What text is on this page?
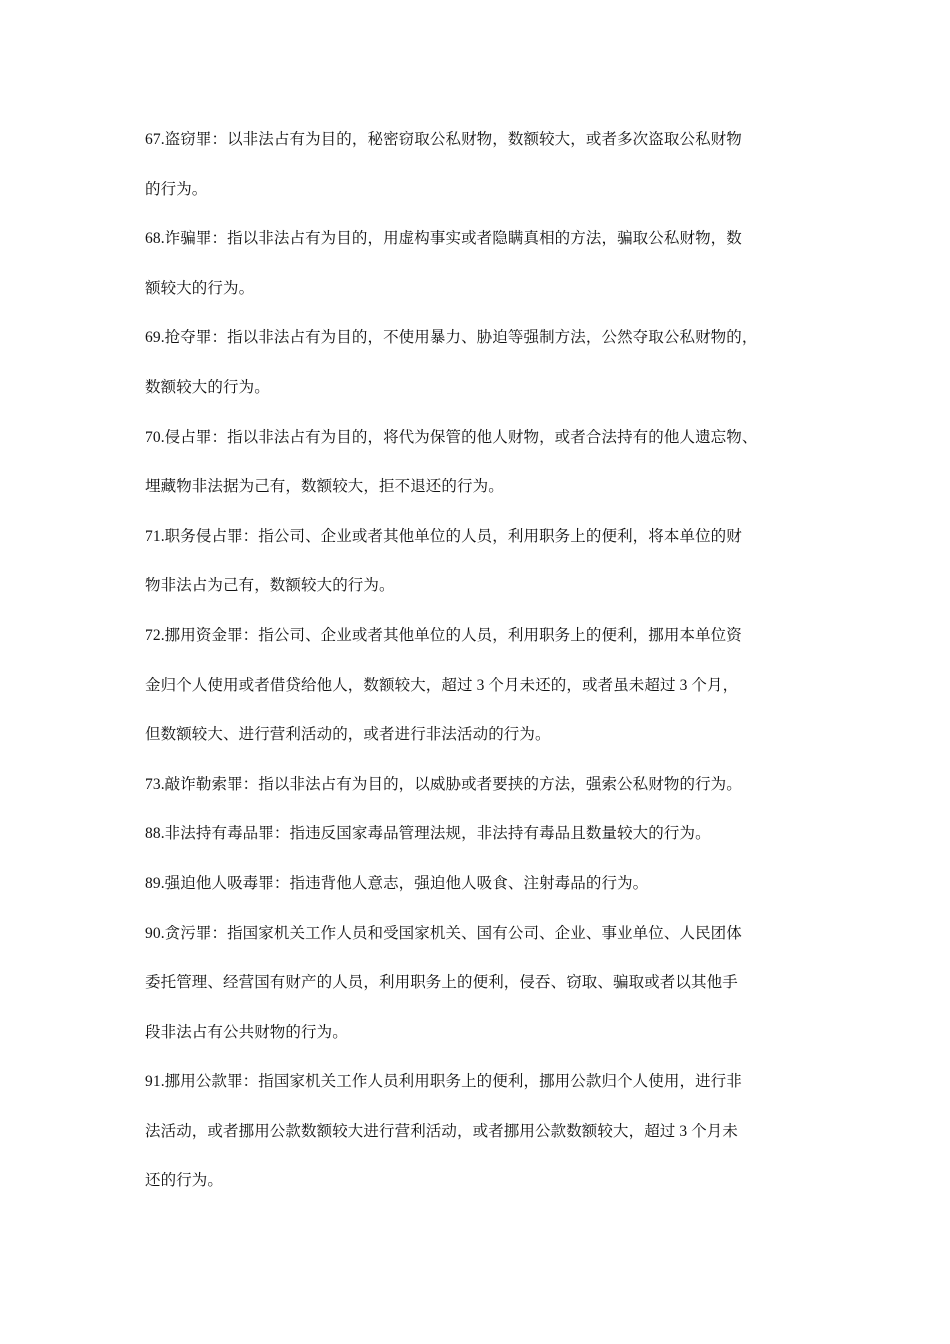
67.盗窃罪：以非法占有为目的，秘密窃取公私财物，数额较大，或者多次盗取公私财物
的行为。
68.诈骗罪：指以非法占有为目的，用虚构事实或者隐瞒真相的方法，骗取公私财物，数
额较大的行为。
69.抢夺罪：指以非法占有为目的，不使用暴力、胁迫等强制方法，公然夺取公私财物的，
数额较大的行为。
70.侵占罪：指以非法占有为目的，将代为保管的他人财物，或者合法持有的他人遗忘物、
埋藏物非法据为己有，数额较大，拒不退还的行为。
71.职务侵占罪：指公司、企业或者其他单位的人员，利用职务上的便利，将本单位的财
物非法占为己有，数额较大的行为。
72.挪用资金罪：指公司、企业或者其他单位的人员，利用职务上的便利，挪用本单位资
金归个人使用或者借贷给他人，数额较大，超过 3 个月未还的，或者虽未超过 3 个月，
但数额较大、进行营利活动的，或者进行非法活动的行为。
73.敲诈勒索罪：指以非法占有为目的，以威胁或者要挟的方法，强索公私财物的行为。
88.非法持有毒品罪：指违反国家毒品管理法规，非法持有毒品且数量较大的行为。
89.强迫他人吸毒罪：指违背他人意志，强迫他人吸食、注射毒品的行为。
90.贪污罪：指国家机关工作人员和受国家机关、国有公司、企业、事业单位、人民团体
委托管理、经营国有财产的人员，利用职务上的便利，侵吞、窃取、骗取或者以其他手
段非法占有公共财物的行为。
91.挪用公款罪：指国家机关工作人员利用职务上的便利，挪用公款归个人使用，进行非
法活动，或者挪用公款数额较大进行营利活动，或者挪用公款数额较大，超过 3 个月未
还的行为。
